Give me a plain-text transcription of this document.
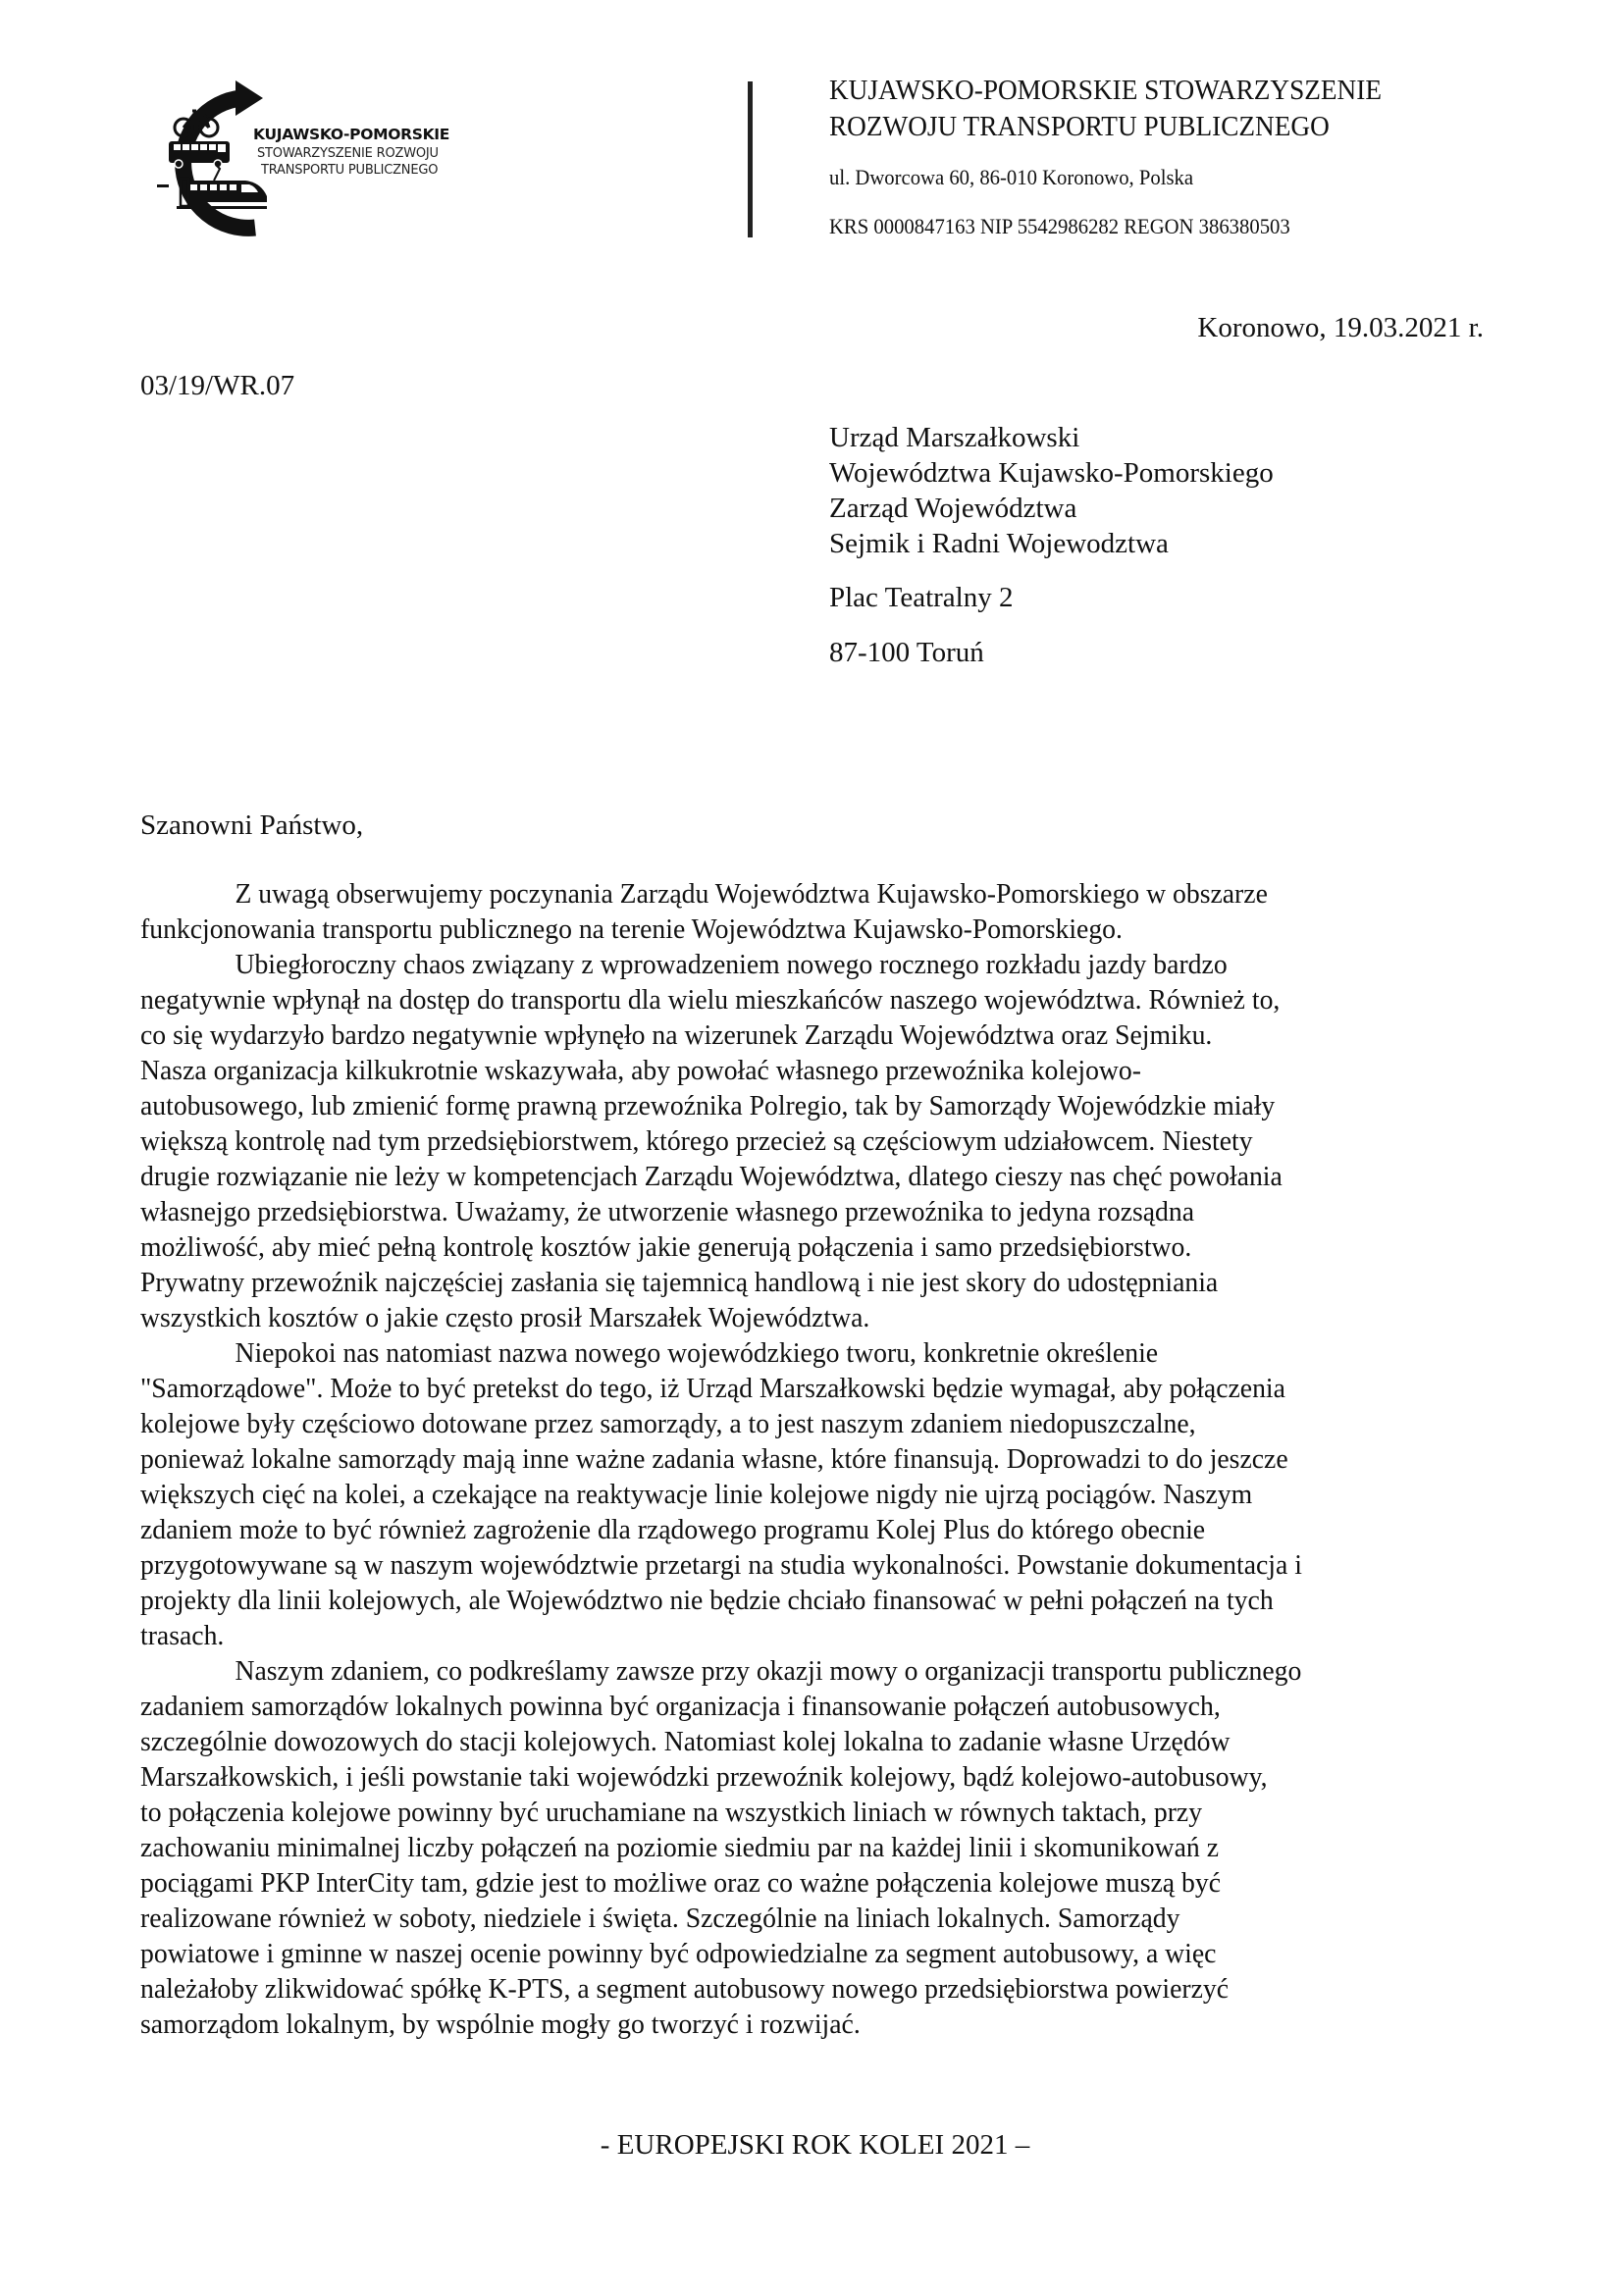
KUJAWSKO-POMORSKIE
STOWARZYSZENIE ROZWOJU
TRANSPORTU PUBLICZNEGO
KUJAWSKO-POMORSKIE STOWARZYSZENIE
ROZWOJU TRANSPORTU PUBLICZNEGO
ul. Dworcowa 60, 86-010 Koronowo, Polska
KRS 0000847163 NIP 5542986282 REGON 386380503
Koronowo, 19.03.2021 r.
03/19/WR.07
Urząd Marszałkowski
Województwa Kujawsko-Pomorskiego
Zarząd Województwa
Sejmik i Radni Wojewodztwa
Plac Teatralny 2
87-100 Toruń
Szanowni Państwo,
Z uwagą obserwujemy poczynania Zarządu Województwa Kujawsko-Pomorskiego w obszarze
funkcjonowania transportu publicznego na terenie Województwa Kujawsko-Pomorskiego.
Ubiegłoroczny chaos związany z wprowadzeniem nowego rocznego rozkładu jazdy bardzo
negatywnie wpłynął na dostęp do transportu dla wielu mieszkańców naszego województwa. Również to,
co się wydarzyło bardzo negatywnie wpłynęło na wizerunek Zarządu Województwa oraz Sejmiku.
Nasza organizacja kilkukrotnie wskazywała, aby powołać własnego przewoźnika kolejowo-
autobusowego, lub zmienić formę prawną przewoźnika Polregio, tak by Samorządy Wojewódzkie miały
większą kontrolę nad tym przedsiębiorstwem, którego przecież są częściowym udziałowcem. Niestety
drugie rozwiązanie nie leży w kompetencjach Zarządu Województwa, dlatego cieszy nas chęć powołania
własnejgo przedsiębiorstwa. Uważamy, że utworzenie własnego przewoźnika to jedyna rozsądna
możliwość, aby mieć pełną kontrolę kosztów jakie generują połączenia i samo przedsiębiorstwo.
Prywatny przewoźnik najczęściej zasłania się tajemnicą handlową i nie jest skory do udostępniania
wszystkich kosztów o jakie często prosił Marszałek Województwa.
Niepokoi nas natomiast nazwa nowego wojewódzkiego tworu, konkretnie określenie
"Samorządowe". Może to być pretekst do tego, iż Urząd Marszałkowski będzie wymagał, aby połączenia
kolejowe były częściowo dotowane przez samorządy, a to jest naszym zdaniem niedopuszczalne,
ponieważ lokalne samorządy mają inne ważne zadania własne, które finansują. Doprowadzi to do jeszcze
większych cięć na kolei, a czekające na reaktywacje linie kolejowe nigdy nie ujrzą pociągów. Naszym
zdaniem może to być również zagrożenie dla rządowego programu Kolej Plus do którego obecnie
przygotowywane są w naszym województwie przetargi na studia wykonalności. Powstanie dokumentacja i
projekty dla linii kolejowych, ale Województwo nie będzie chciało finansować w pełni połączeń na tych
trasach.
Naszym zdaniem, co podkreślamy zawsze przy okazji mowy o organizacji transportu publicznego
zadaniem samorządów lokalnych powinna być organizacja i finansowanie połączeń autobusowych,
szczególnie dowozowych do stacji kolejowych. Natomiast kolej lokalna to zadanie własne Urzędów
Marszałkowskich, i jeśli powstanie taki wojewódzki przewoźnik kolejowy, bądź kolejowo-autobusowy,
to połączenia kolejowe powinny być uruchamiane na wszystkich liniach w równych taktach, przy
zachowaniu minimalnej liczby połączeń na poziomie siedmiu par na każdej linii i skomunikowań z
pociągami PKP InterCity tam, gdzie jest to możliwe oraz co ważne połączenia kolejowe muszą być
realizowane również w soboty, niedziele i święta. Szczególnie na liniach lokalnych. Samorządy
powiatowe i gminne w naszej ocenie powinny być odpowiedzialne za segment autobusowy, a więc
należałoby zlikwidować spółkę K-PTS, a segment autobusowy nowego przedsiębiorstwa powierzyć
samorządom lokalnym, by wspólnie mogły go tworzyć i rozwijać.
- EUROPEJSKI ROK KOLEI 2021 –
